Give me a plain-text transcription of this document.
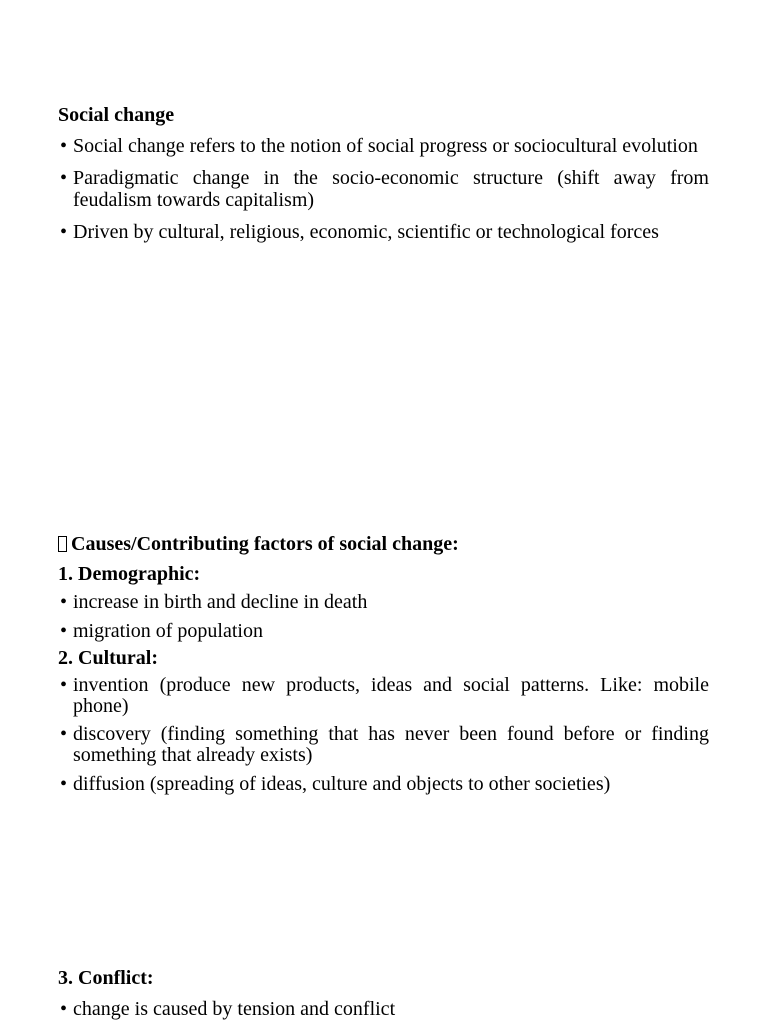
Social change
• Social change refers to the notion of social progress or sociocultural evolution
• Paradigmatic change in the socio-economic structure (shift away from feudalism towards capitalism)
• Driven by cultural, religious, economic, scientific or technological forces
Causes/Contributing factors of social change:
1. Demographic:
• increase in birth and decline in death
• migration of population
2. Cultural:
• invention (produce new products, ideas and social patterns. Like: mobile phone)
• discovery (finding something that has never been found before or finding something that already exists)
• diffusion (spreading of ideas, culture and objects to other societies)
3. Conflict:
• change is caused by tension and conflict
